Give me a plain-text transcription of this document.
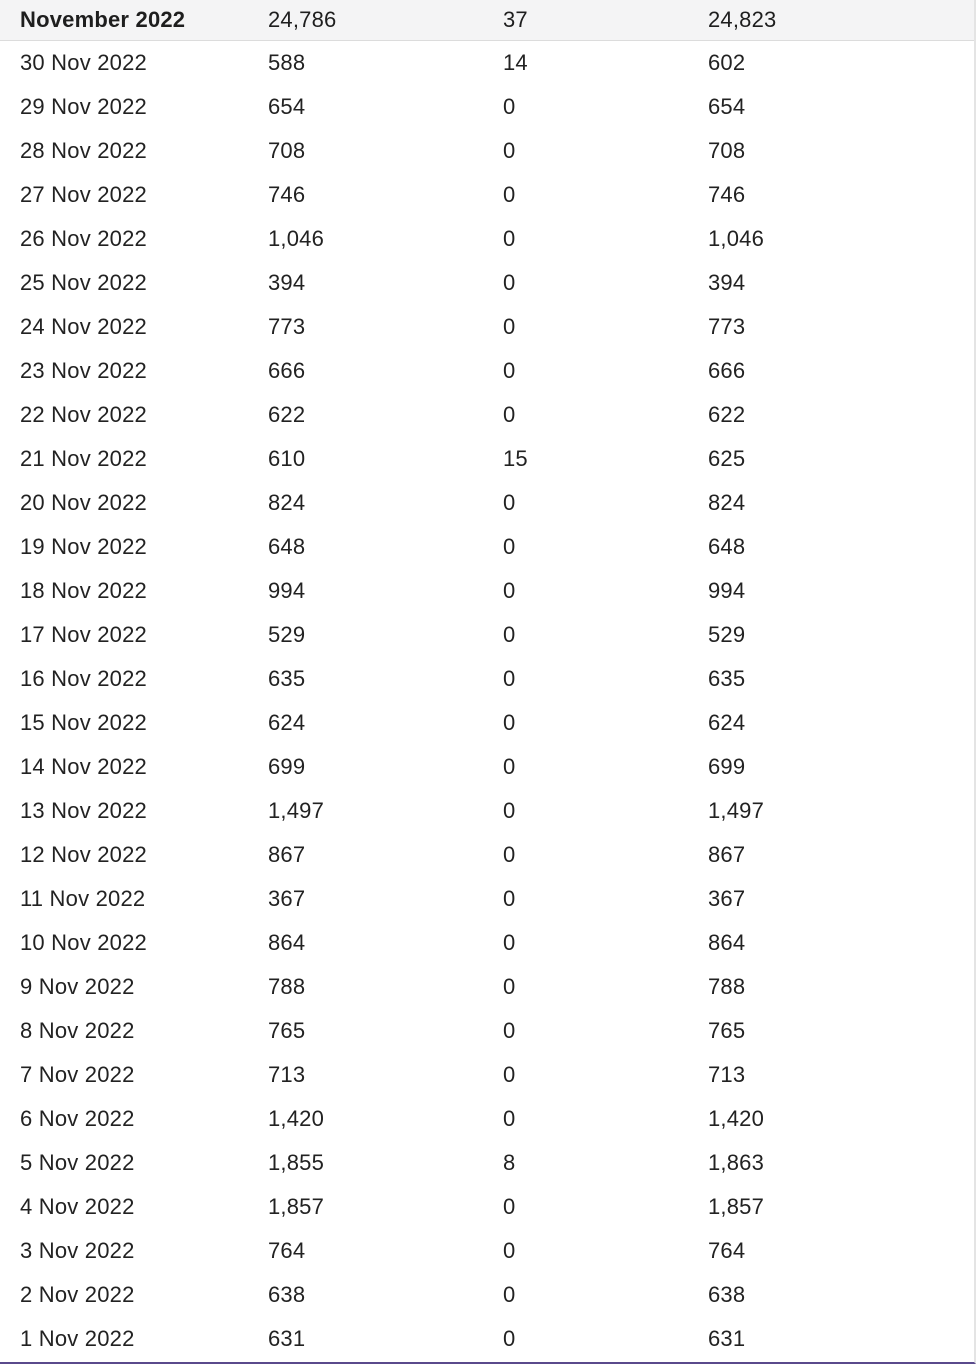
November 2022	24,786	37	24,823
30 Nov 2022	588	14	602
29 Nov 2022	654	0	654
28 Nov 2022	708	0	708
27 Nov 2022	746	0	746
26 Nov 2022	1,046	0	1,046
25 Nov 2022	394	0	394
24 Nov 2022	773	0	773
23 Nov 2022	666	0	666
22 Nov 2022	622	0	622
21 Nov 2022	610	15	625
20 Nov 2022	824	0	824
19 Nov 2022	648	0	648
18 Nov 2022	994	0	994
17 Nov 2022	529	0	529
16 Nov 2022	635	0	635
15 Nov 2022	624	0	624
14 Nov 2022	699	0	699
13 Nov 2022	1,497	0	1,497
12 Nov 2022	867	0	867
11 Nov 2022	367	0	367
10 Nov 2022	864	0	864
9 Nov 2022	788	0	788
8 Nov 2022	765	0	765
7 Nov 2022	713	0	713
6 Nov 2022	1,420	0	1,420
5 Nov 2022	1,855	8	1,863
4 Nov 2022	1,857	0	1,857
3 Nov 2022	764	0	764
2 Nov 2022	638	0	638
1 Nov 2022	631	0	631
